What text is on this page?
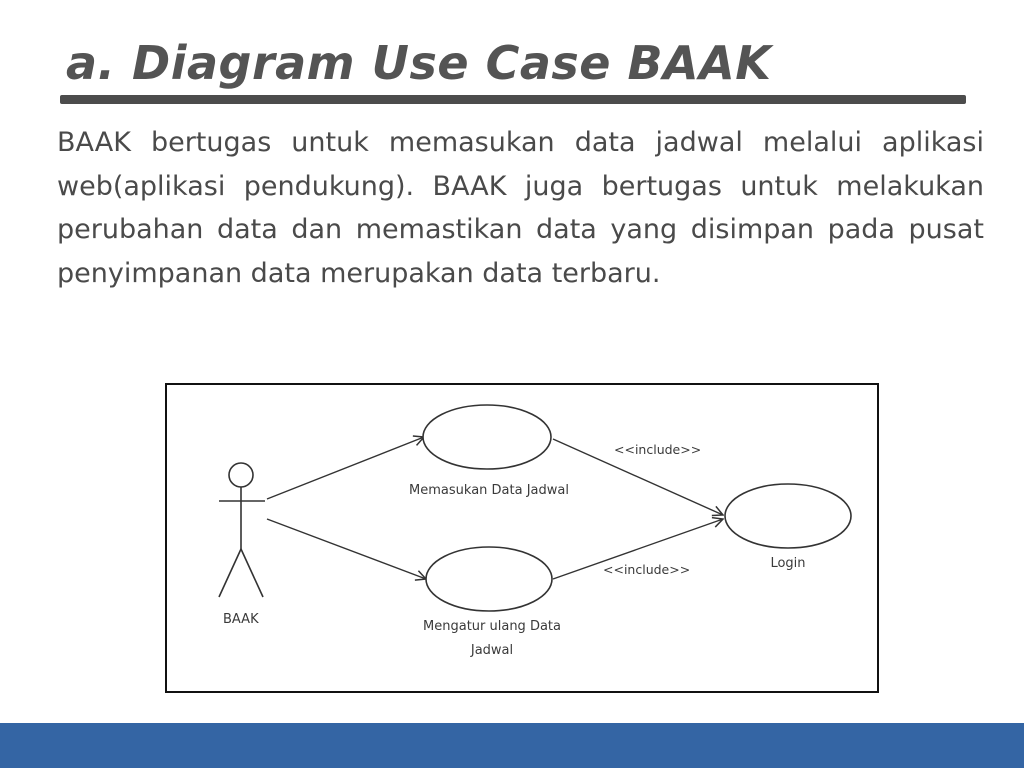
a. Diagram Use Case BAAK

BAAK bertugas untuk memasukan data jadwal melalui aplikasi web(aplikasi pendukung). BAAK juga bertugas untuk melakukan perubahan data dan memastikan data yang disimpan pada pusat penyimpanan data merupakan data terbaru.

BAAK
Memasukan Data Jadwal
Mengatur ulang Data
Jadwal
Login
<<include>>
<<include>>
